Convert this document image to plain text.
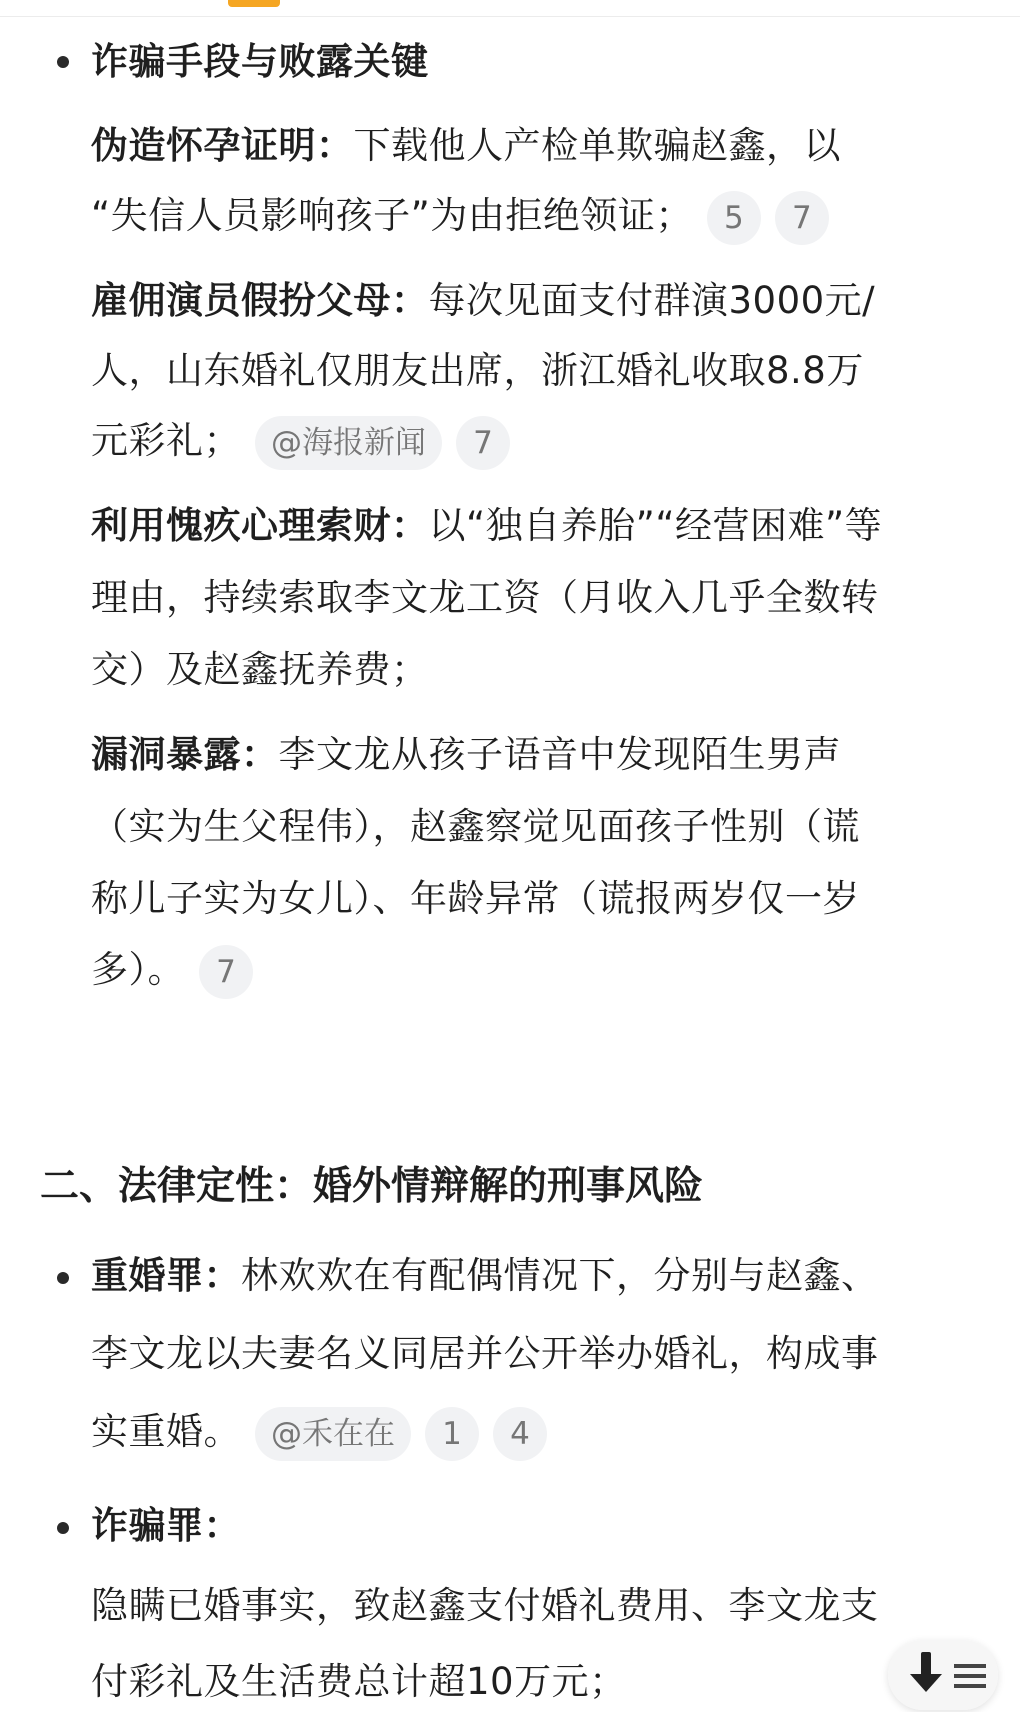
诈骗手段与败露关键
伪造怀孕证明：下载他人产检单欺骗赵鑫，以
“失信人员影响孩子”为由拒绝领证； 5 7
雇佣演员假扮父母：每次见面支付群演3000元/
人，山东婚礼仅朋友出席，浙江婚礼收取8.8万
元彩礼； @海报新闻 7
利用愧疚心理索财：以“独自养胎”“经营困难”等
理由，持续索取李文龙工资（月收入几乎全数转
交）及赵鑫抚养费；
漏洞暴露：李文龙从孩子语音中发现陌生男声
（实为生父程伟），赵鑫察觉见面孩子性别（谎
称儿子实为女儿）、年龄异常（谎报两岁仅一岁
多）。 7
二、法律定性：婚外情辩解的刑事风险
重婚罪：林欢欢在有配偶情况下，分别与赵鑫、
李文龙以夫妻名义同居并公开举办婚礼，构成事
实重婚。 @禾在在 1 4
诈骗罪：
隐瞒已婚事实，致赵鑫支付婚礼费用、李文龙支
付彩礼及生活费总计超10万元；
